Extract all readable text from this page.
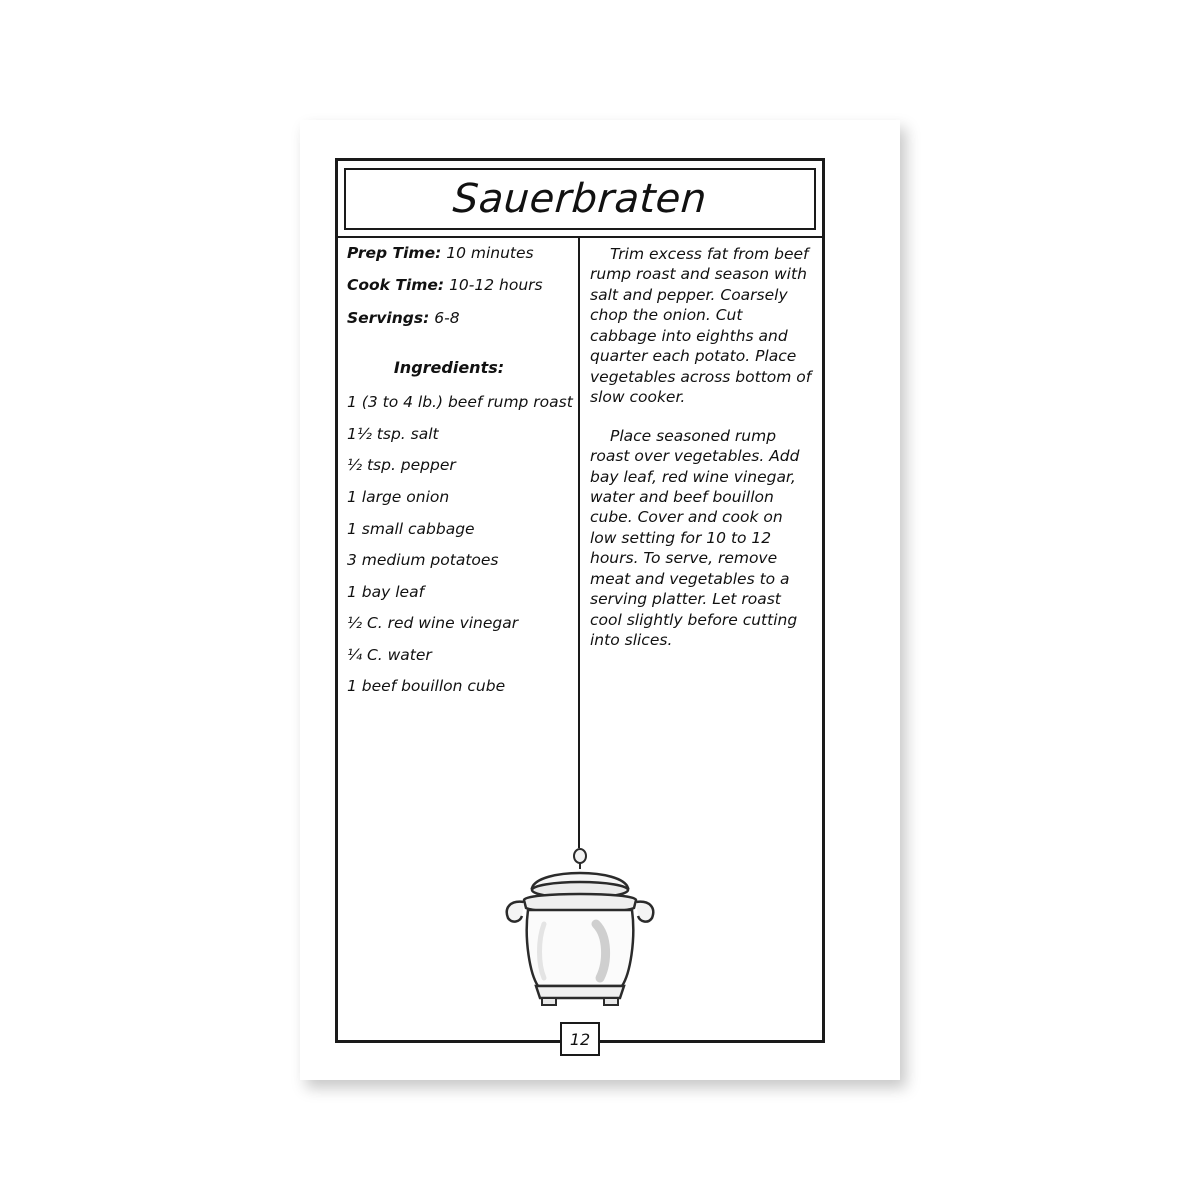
Sauerbraten
Prep Time: 10 minutes
Cook Time: 10-12 hours
Servings: 6-8
Ingredients:
1 (3 to 4 lb.) beef rump roast
1½ tsp. salt
½ tsp. pepper
1 large onion
1 small cabbage
3 medium potatoes
1 bay leaf
½ C. red wine vinegar
¼ C. water
1 beef bouillon cube

Trim excess fat from beef rump roast and season with salt and pepper. Coarsely chop the onion. Cut cabbage into eighths and quarter each potato. Place vegetables across bottom of slow cooker.

Place seasoned rump roast over vegetables. Add bay leaf, red wine vinegar, water and beef bouillon cube. Cover and cook on low setting for 10 to 12 hours. To serve, remove meat and vegetables to a serving platter. Let roast cool slightly before cutting into slices.

12
